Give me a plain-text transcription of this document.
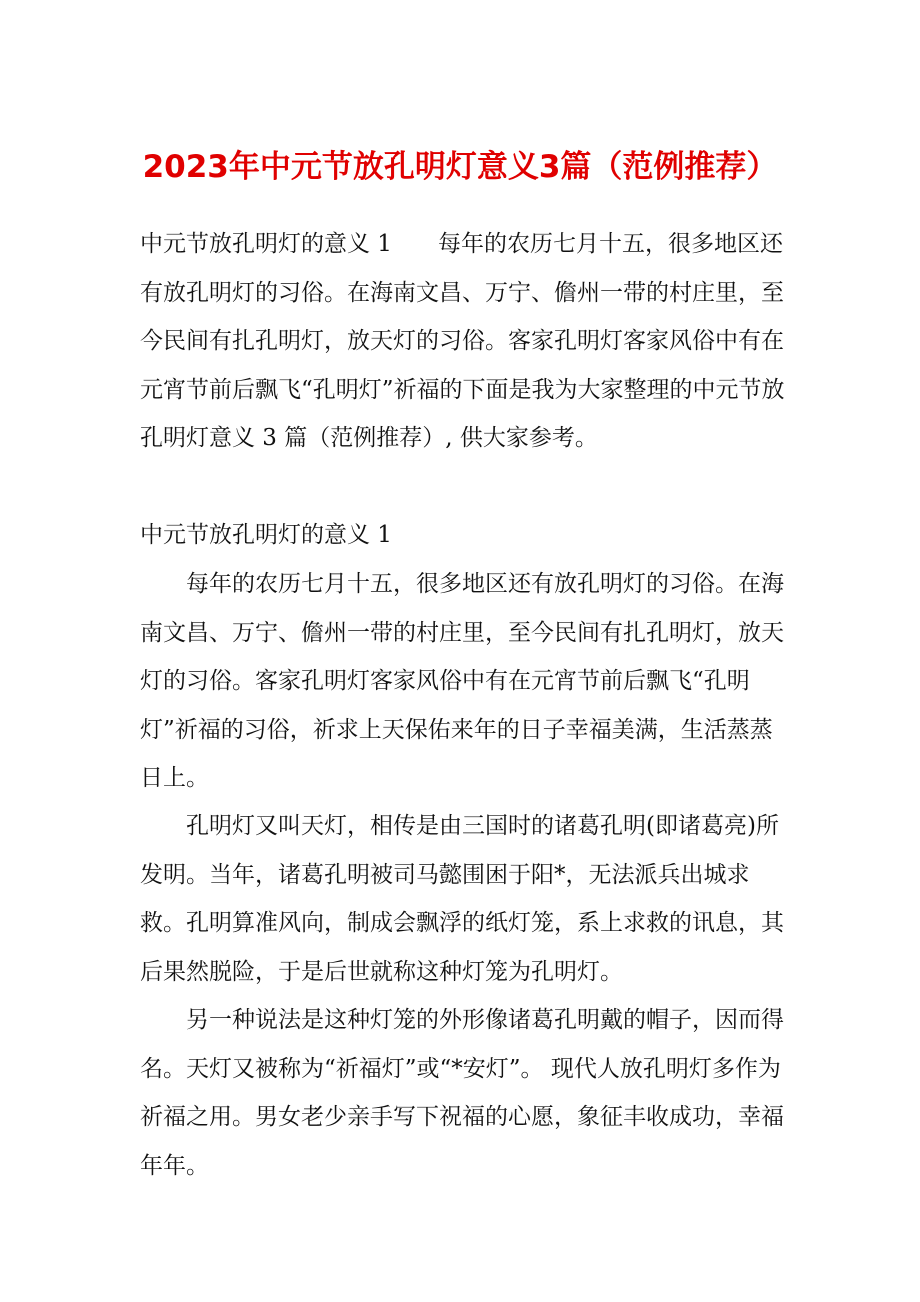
2023年中元节放孔明灯意义3篇（范例推荐）

中元节放孔明灯的意义 1 每年的农历七月十五，很多地区还有放孔明灯的习俗。在海南文昌、万宁、儋州一带的村庄里，至今民间有扎孔明灯，放天灯的习俗。客家孔明灯客家风俗中有在元宵节前后飘飞“孔明灯”祈福的下面是我为大家整理的中元节放孔明灯意义 3 篇（范例推荐）, 供大家参考。

中元节放孔明灯的意义 1

每年的农历七月十五，很多地区还有放孔明灯的习俗。在海南文昌、万宁、儋州一带的村庄里，至今民间有扎孔明灯，放天灯的习俗。客家孔明灯客家风俗中有在元宵节前后飘飞“孔明灯”祈福的习俗，祈求上天保佑来年的日子幸福美满，生活蒸蒸日上。

孔明灯又叫天灯，相传是由三国时的诸葛孔明(即诸葛亮)所发明。当年，诸葛孔明被司马懿围困于阳*，无法派兵出城求救。孔明算准风向，制成会飘浮的纸灯笼，系上求救的讯息，其后果然脱险，于是后世就称这种灯笼为孔明灯。

另一种说法是这种灯笼的外形像诸葛孔明戴的帽子，因而得名。天灯又被称为“祈福灯”或“*安灯”。 现代人放孔明灯多作为祈福之用。男女老少亲手写下祝福的心愿，象征丰收成功，幸福年年。
